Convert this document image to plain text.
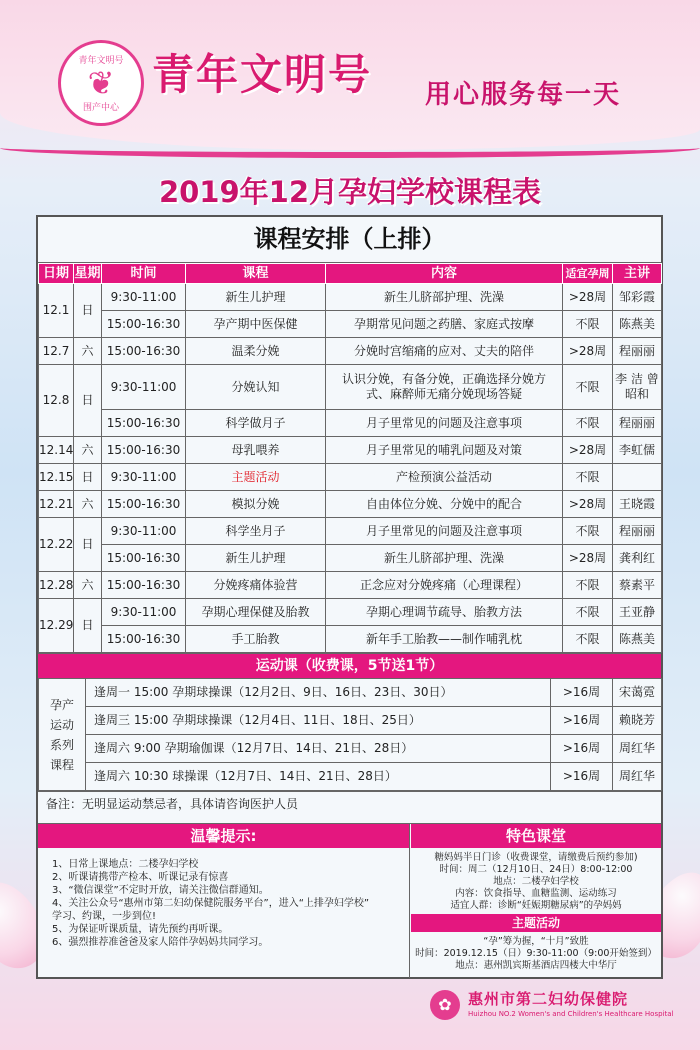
青年文明号
❦
围产中心
青年文明号 用心服务每一天
2019年12月孕妇学校课程表
课程安排（上排）
日期	星期	时间	课程	内容	适宜孕周	主讲
12.1	日	9:30-11:00	新生儿护理	新生儿脐部护理、洗澡	>28周	邹彩霞
		15:00-16:30	孕产期中医保健	孕期常见问题之药膳、家庭式按摩	不限	陈燕美
12.7	六	15:00-16:30	温柔分娩	分娩时宫缩痛的应对、丈夫的陪伴	>28周	程丽丽
12.8	日	9:30-11:00	分娩认知	认识分娩，有备分娩，正确选择分娩方式、麻醉师无痛分娩现场答疑	不限	李 洁 曾昭和
		15:00-16:30	科学做月子	月子里常见的问题及注意事项	不限	程丽丽
12.14	六	15:00-16:30	母乳喂养	月子里常见的哺乳问题及对策	>28周	李虹儒
12.15	日	9:30-11:00	主题活动	产检预演公益活动	不限	
12.21	六	15:00-16:30	模拟分娩	自由体位分娩、分娩中的配合	>28周	王晓霞
12.22	日	9:30-11:00	科学坐月子	月子里常见的问题及注意事项	不限	程丽丽
		15:00-16:30	新生儿护理	新生儿脐部护理、洗澡	>28周	龚利红
12.28	六	15:00-16:30	分娩疼痛体验营	正念应对分娩疼痛（心理课程）	不限	蔡素平
12.29	日	9:30-11:00	孕期心理保健及胎教	孕期心理调节疏导、胎教方法	不限	王亚静
		15:00-16:30	手工胎教	新年手工胎教——制作哺乳枕	不限	陈燕美
运动课（收费课，5节送1节）
孕产运动系列课程	逢周一 15:00 孕期球操课（12月2日、9日、16日、23日、30日）	>16周	宋蔼霓
	逢周三 15:00 孕期球操课（12月4日、11日、18日、25日）	>16周	赖晓芳
	逢周六 9:00 孕期瑜伽课（12月7日、14日、21日、28日）	>16周	周红华
	逢周六 10:30 球操课（12月7日、14日、21日、28日）	>16周	周红华
备注：无明显运动禁忌者，具体请咨询医护人员
温馨提示:
1、日常上课地点：二楼孕妇学校
2、听课请携带产检本、听课记录有惊喜
3、“微信课堂”不定时开放，请关注微信群通知。
4、关注公众号“惠州市第二妇幼保健院服务平台”，进入“上排孕妇学校”
学习、约课，一步到位!
5、为保证听课质量，请先预约再听课。
6、强烈推荐准爸爸及家人陪伴孕妈妈共同学习。
特色课堂
糖妈妈半日门诊（收费课堂，请缴费后预约参加)
时间：周二（12月10日、24日）8:00-12:00
地点：二楼孕妇学校
内容：饮食指导、血糖监测、运动练习
适宜人群：诊断“妊娠期糖尿病”的孕妈妈
主题活动
“孕”筹为握，“十月”致胜
时间：2019.12.15（日）9:30-11:00（9:00开始签到）
地点：惠州凯宾斯基酒店四楼大中华厅
✿	惠州市第二妇幼保健院
Huizhou NO.2 Women's and Children's Healthcare Hospital
